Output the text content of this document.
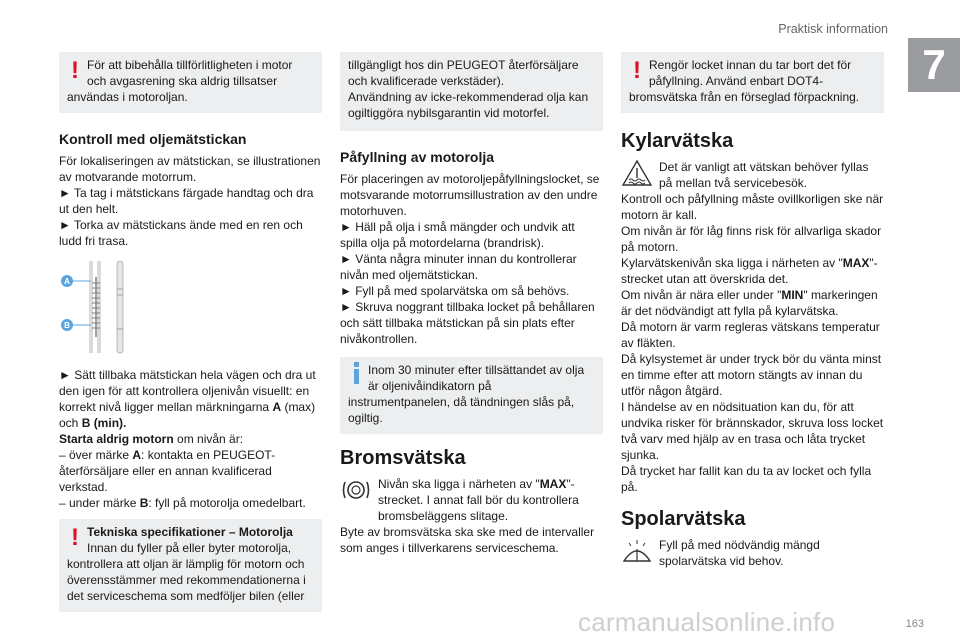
Praktisk information
7
! För att bibehålla tillförlitligheten i motor och avgasrening ska aldrig tillsatser

användas i motoroljan.

Kontroll med oljemätstickan

För lokaliseringen av mätstickan, se illustrationen av motvarande motorrum.

► Ta tag i mätstickans färgade handtag och dra ut den helt.

► Torka av mätstickans ände med en ren och ludd fri trasa.

A
B

► Sätt tillbaka mätstickan hela vägen och dra ut den igen för att kontrollera oljenivån visuellt: en korrekt nivå ligger mellan märkningarna A (max) och B (min).

Starta aldrig motorn om nivån är:

– över märke A: kontakta en PEUGEOT-återförsäljare eller en annan kvalificerad verkstad.

– under märke B: fyll på motorolja omedelbart.

! Tekniska specifikationer – Motorolja

Innan du fyller på eller byter motorolja,

kontrollera att oljan är lämplig för motorn och överensstämmer med rekommendationerna i det serviceschema som medföljer bilen (eller

tillgängligt hos din PEUGEOT återförsäljare och kvalificerade verkstäder).
Användning av icke-rekommenderad olja kan ogiltiggöra nybilsgarantin vid motorfel.

Påfyllning av motorolja

För placeringen av motoroljepåfyllningslocket, se motsvarande motorrumsillustration av den undre motorhuven.

► Häll på olja i små mängder och undvik att spilla olja på motordelarna (brandrisk).

► Vänta några minuter innan du kontrollerar nivån med oljemätstickan.

► Fyll på med spolarvätska om så behövs.

► Skruva noggrant tillbaka locket på behållaren och sätt tillbaka mätstickan på sin plats efter nivåkontrollen.

Inom 30 minuter efter tillsättandet av olja är oljenivåindikatorn på

instrumentpanelen, då tändningen slås på, ogiltig.

Bromsvätska

Nivån ska ligga i närheten av "MAX"-strecket. I annat fall bör du kontrollera bromsbeläggens slitage.

Byte av bromsvätska ska ske med de intervaller som anges i tillverkarens serviceschema.

! Rengör locket innan du tar bort det för påfyllning. Använd enbart DOT4-

bromsvätska från en förseglad förpackning.

Kylarvätska

Det är vanligt att vätskan behöver fyllas på mellan två servicebesök.

Kontroll och påfyllning måste ovillkorligen ske när motorn är kall.

Om nivån är för låg finns risk för allvarliga skador på motorn.

Kylarvätskenivån ska ligga i närheten av "MAX"-strecket utan att överskrida det.

Om nivån är nära eller under "MIN" markeringen är det nödvändigt att fylla på kylarvätska.

Då motorn är varm regleras vätskans temperatur av fläkten.

Då kylsystemet är under tryck bör du vänta minst en timme efter att motorn stängts av innan du utför någon åtgärd.

I händelse av en nödsituation kan du, för att undvika risker för brännskador, skruva loss locket två varv med hjälp av en trasa och låta trycket sjunka.

Då trycket har fallit kan du ta av locket och fylla på.

Spolarvätska

Fyll på med nödvändig mängd spolarvätska vid behov.

carmanualsonline.info	163
